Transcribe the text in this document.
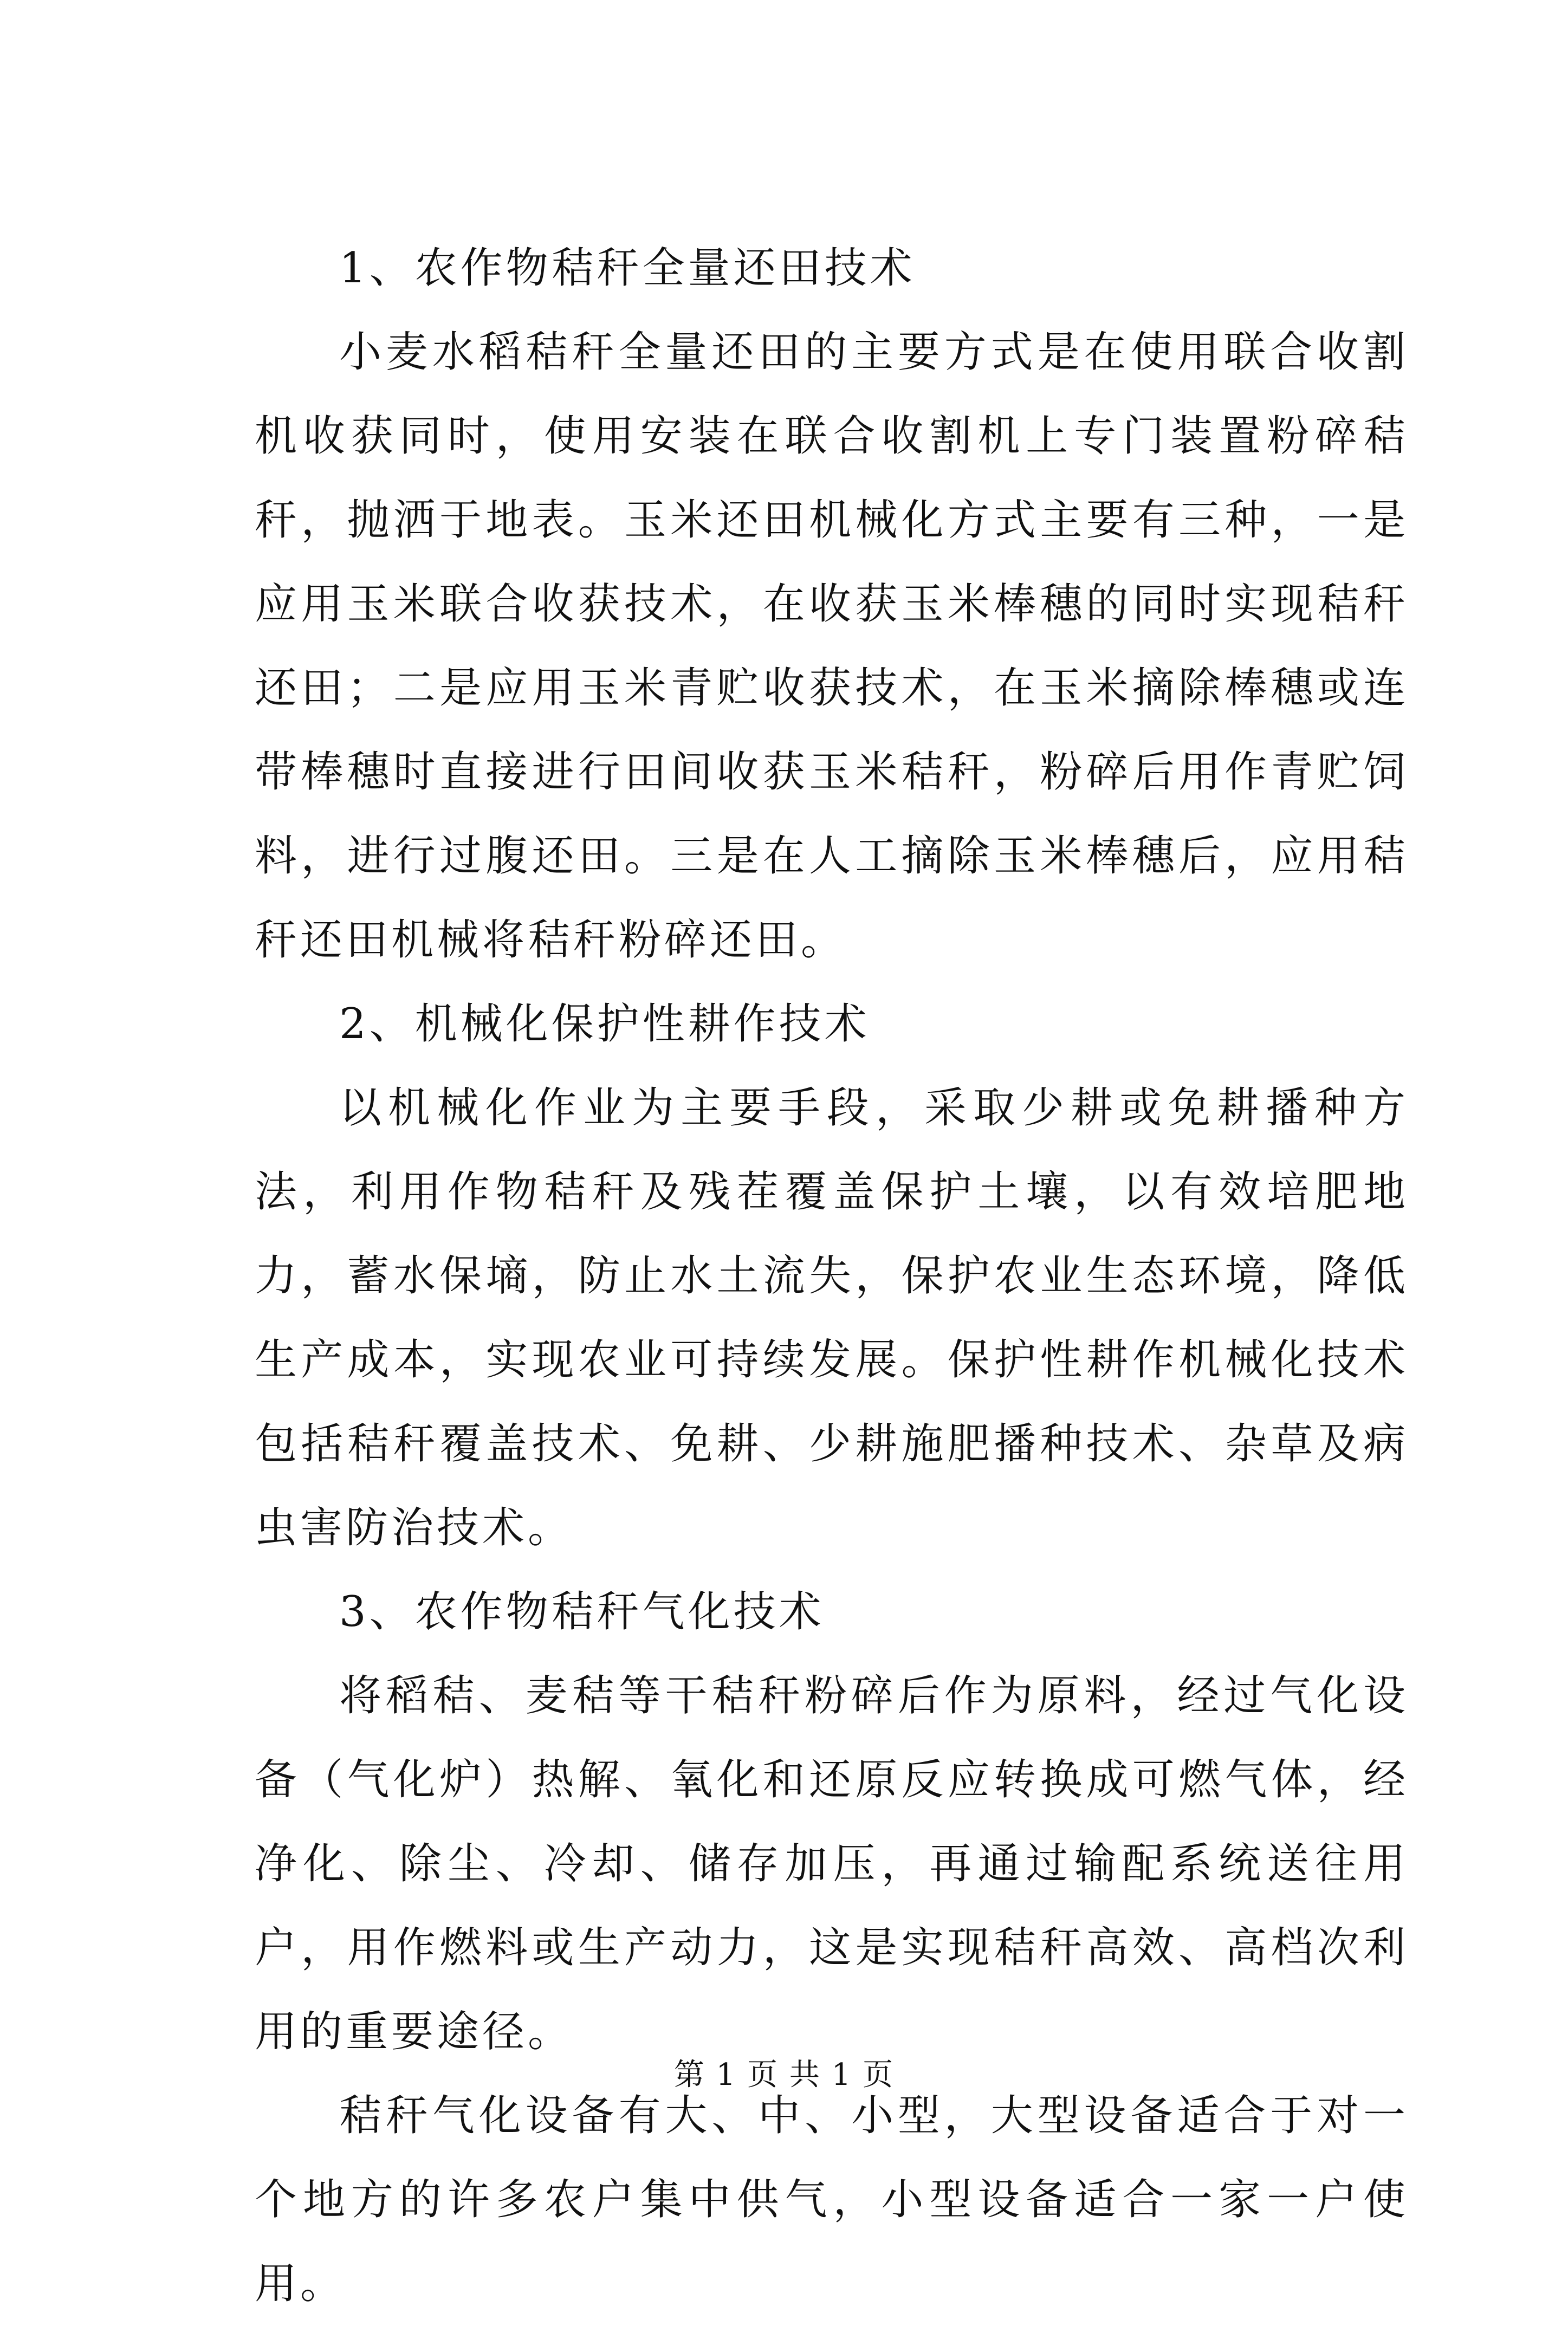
1、农作物秸秆全量还田技术

小麦水稻秸秆全量还田的主要方式是在使用联合收割机收获同时，使用安装在联合收割机上专门装置粉碎秸秆，抛洒于地表。玉米还田机械化方式主要有三种，一是应用玉米联合收获技术，在收获玉米棒穗的同时实现秸秆还田；二是应用玉米青贮收获技术，在玉米摘除棒穗或连带棒穗时直接进行田间收获玉米秸秆，粉碎后用作青贮饲料，进行过腹还田。三是在人工摘除玉米棒穗后，应用秸秆还田机械将秸秆粉碎还田。

2、机械化保护性耕作技术

以机械化作业为主要手段，采取少耕或免耕播种方法，利用作物秸秆及残茬覆盖保护土壤，以有效培肥地力，蓄水保墒，防止水土流失，保护农业生态环境，降低生产成本，实现农业可持续发展。保护性耕作机械化技术包括秸秆覆盖技术、免耕、少耕施肥播种技术、杂草及病虫害防治技术。

3、农作物秸秆气化技术

将稻秸、麦秸等干秸秆粉碎后作为原料，经过气化设备（气化炉）热解、氧化和还原反应转换成可燃气体，经净化、除尘、冷却、储存加压，再通过输配系统送往用户，用作燃料或生产动力，这是实现秸秆高效、高档次利用的重要途径。

秸秆气化设备有大、中、小型，大型设备适合于对一个地方的许多农户集中供气，小型设备适合一家一户使用。

第 1 页 共 1 页
